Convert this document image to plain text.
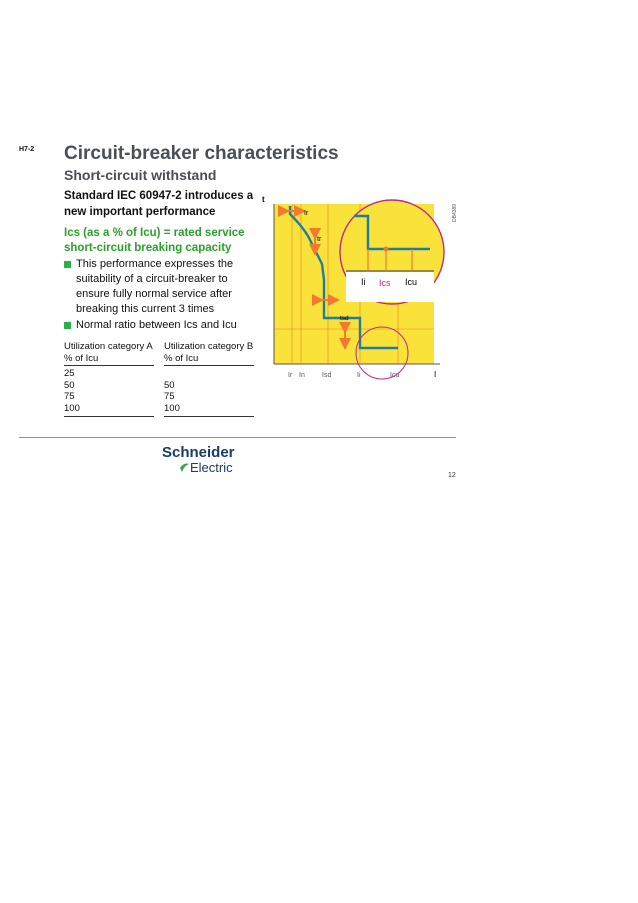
H7-2 Circuit-breaker characteristics
Short-circuit withstand
Standard IEC 60947-2 introduces a new important performance
Ics (as a % of Icu) = rated service short-circuit breaking capacity
This performance expresses the suitability of a circuit-breaker to ensure fully normal service after breaking this current 3 times
Normal ratio between Ics and Icu
Utilization category A
% of Icu
25
50
75
100
Utilization category B
% of Icu
50
75
100
t
I
Ir
tr
tsd
Ir In Isd	Ii	Icu
Ii Ics Icu
DB4389
Schneider
Electric
12
